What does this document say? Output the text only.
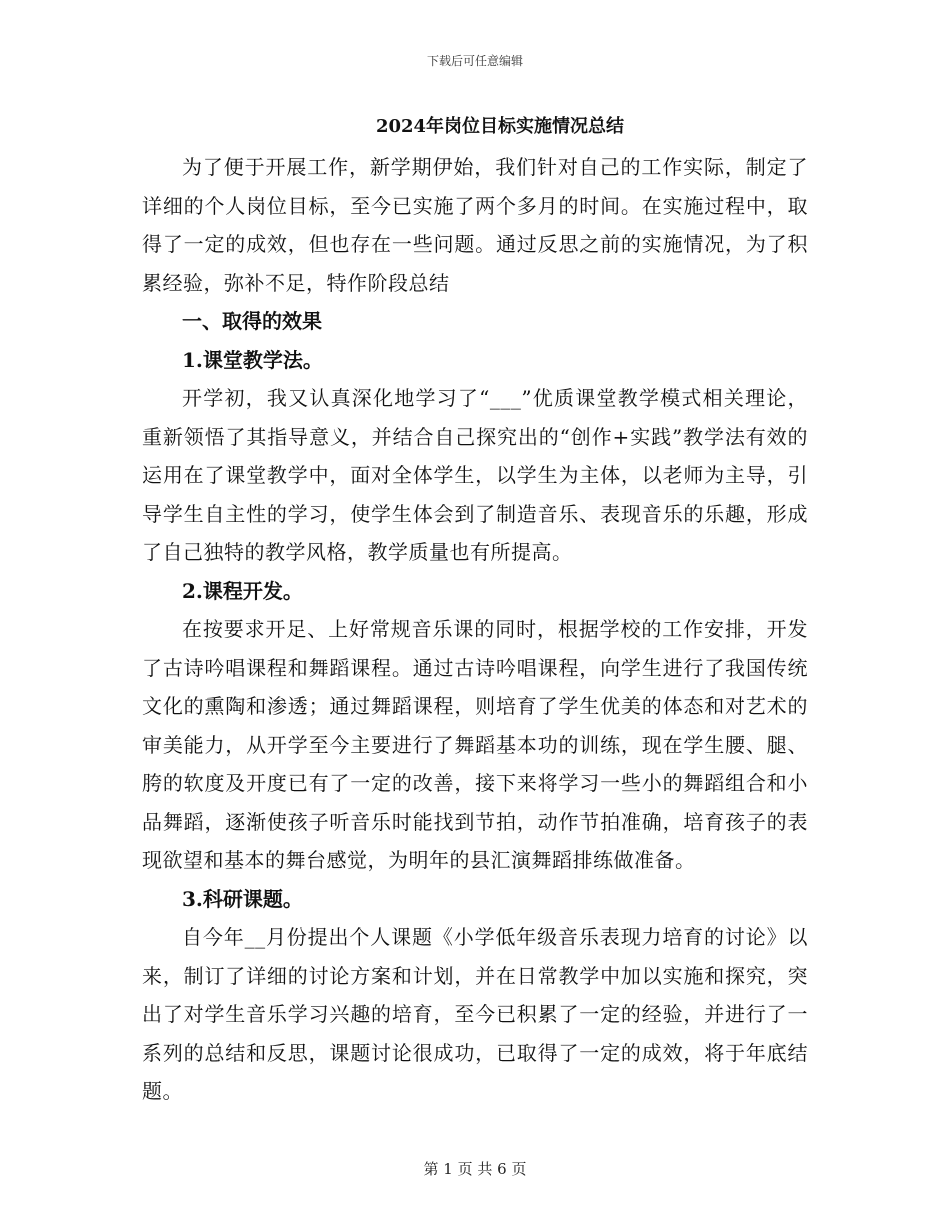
下载后可任意编辑
2024年岗位目标实施情况总结

为了便于开展工作，新学期伊始，我们针对自己的工作实际，制定了详细的个人岗位目标，至今已实施了两个多月的时间。在实施过程中，取得了一定的成效，但也存在一些问题。通过反思之前的实施情况，为了积累经验，弥补不足，特作阶段总结

一、取得的效果
1.课堂教学法。

开学初，我又认真深化地学习了“___”优质课堂教学模式相关理论，重新领悟了其指导意义，并结合自己探究出的“创作+实践”教学法有效的运用在了课堂教学中，面对全体学生，以学生为主体，以老师为主导，引导学生自主性的学习，使学生体会到了制造音乐、表现音乐的乐趣，形成了自己独特的教学风格，教学质量也有所提高。

2.课程开发。

在按要求开足、上好常规音乐课的同时，根据学校的工作安排，开发了古诗吟唱课程和舞蹈课程。通过古诗吟唱课程，向学生进行了我国传统文化的熏陶和渗透；通过舞蹈课程，则培育了学生优美的体态和对艺术的审美能力，从开学至今主要进行了舞蹈基本功的训练，现在学生腰、腿、胯的软度及开度已有了一定的改善，接下来将学习一些小的舞蹈组合和小品舞蹈，逐渐使孩子听音乐时能找到节拍，动作节拍准确，培育孩子的表现欲望和基本的舞台感觉，为明年的县汇演舞蹈排练做准备。

3.科研课题。

自今年__月份提出个人课题《小学低年级音乐表现力培育的讨论》以来，制订了详细的讨论方案和计划，并在日常教学中加以实施和探究，突出了对学生音乐学习兴趣的培育，至今已积累了一定的经验，并进行了一系列的总结和反思，课题讨论很成功，已取得了一定的成效，将于年底结题。

第 1 页 共 6 页
